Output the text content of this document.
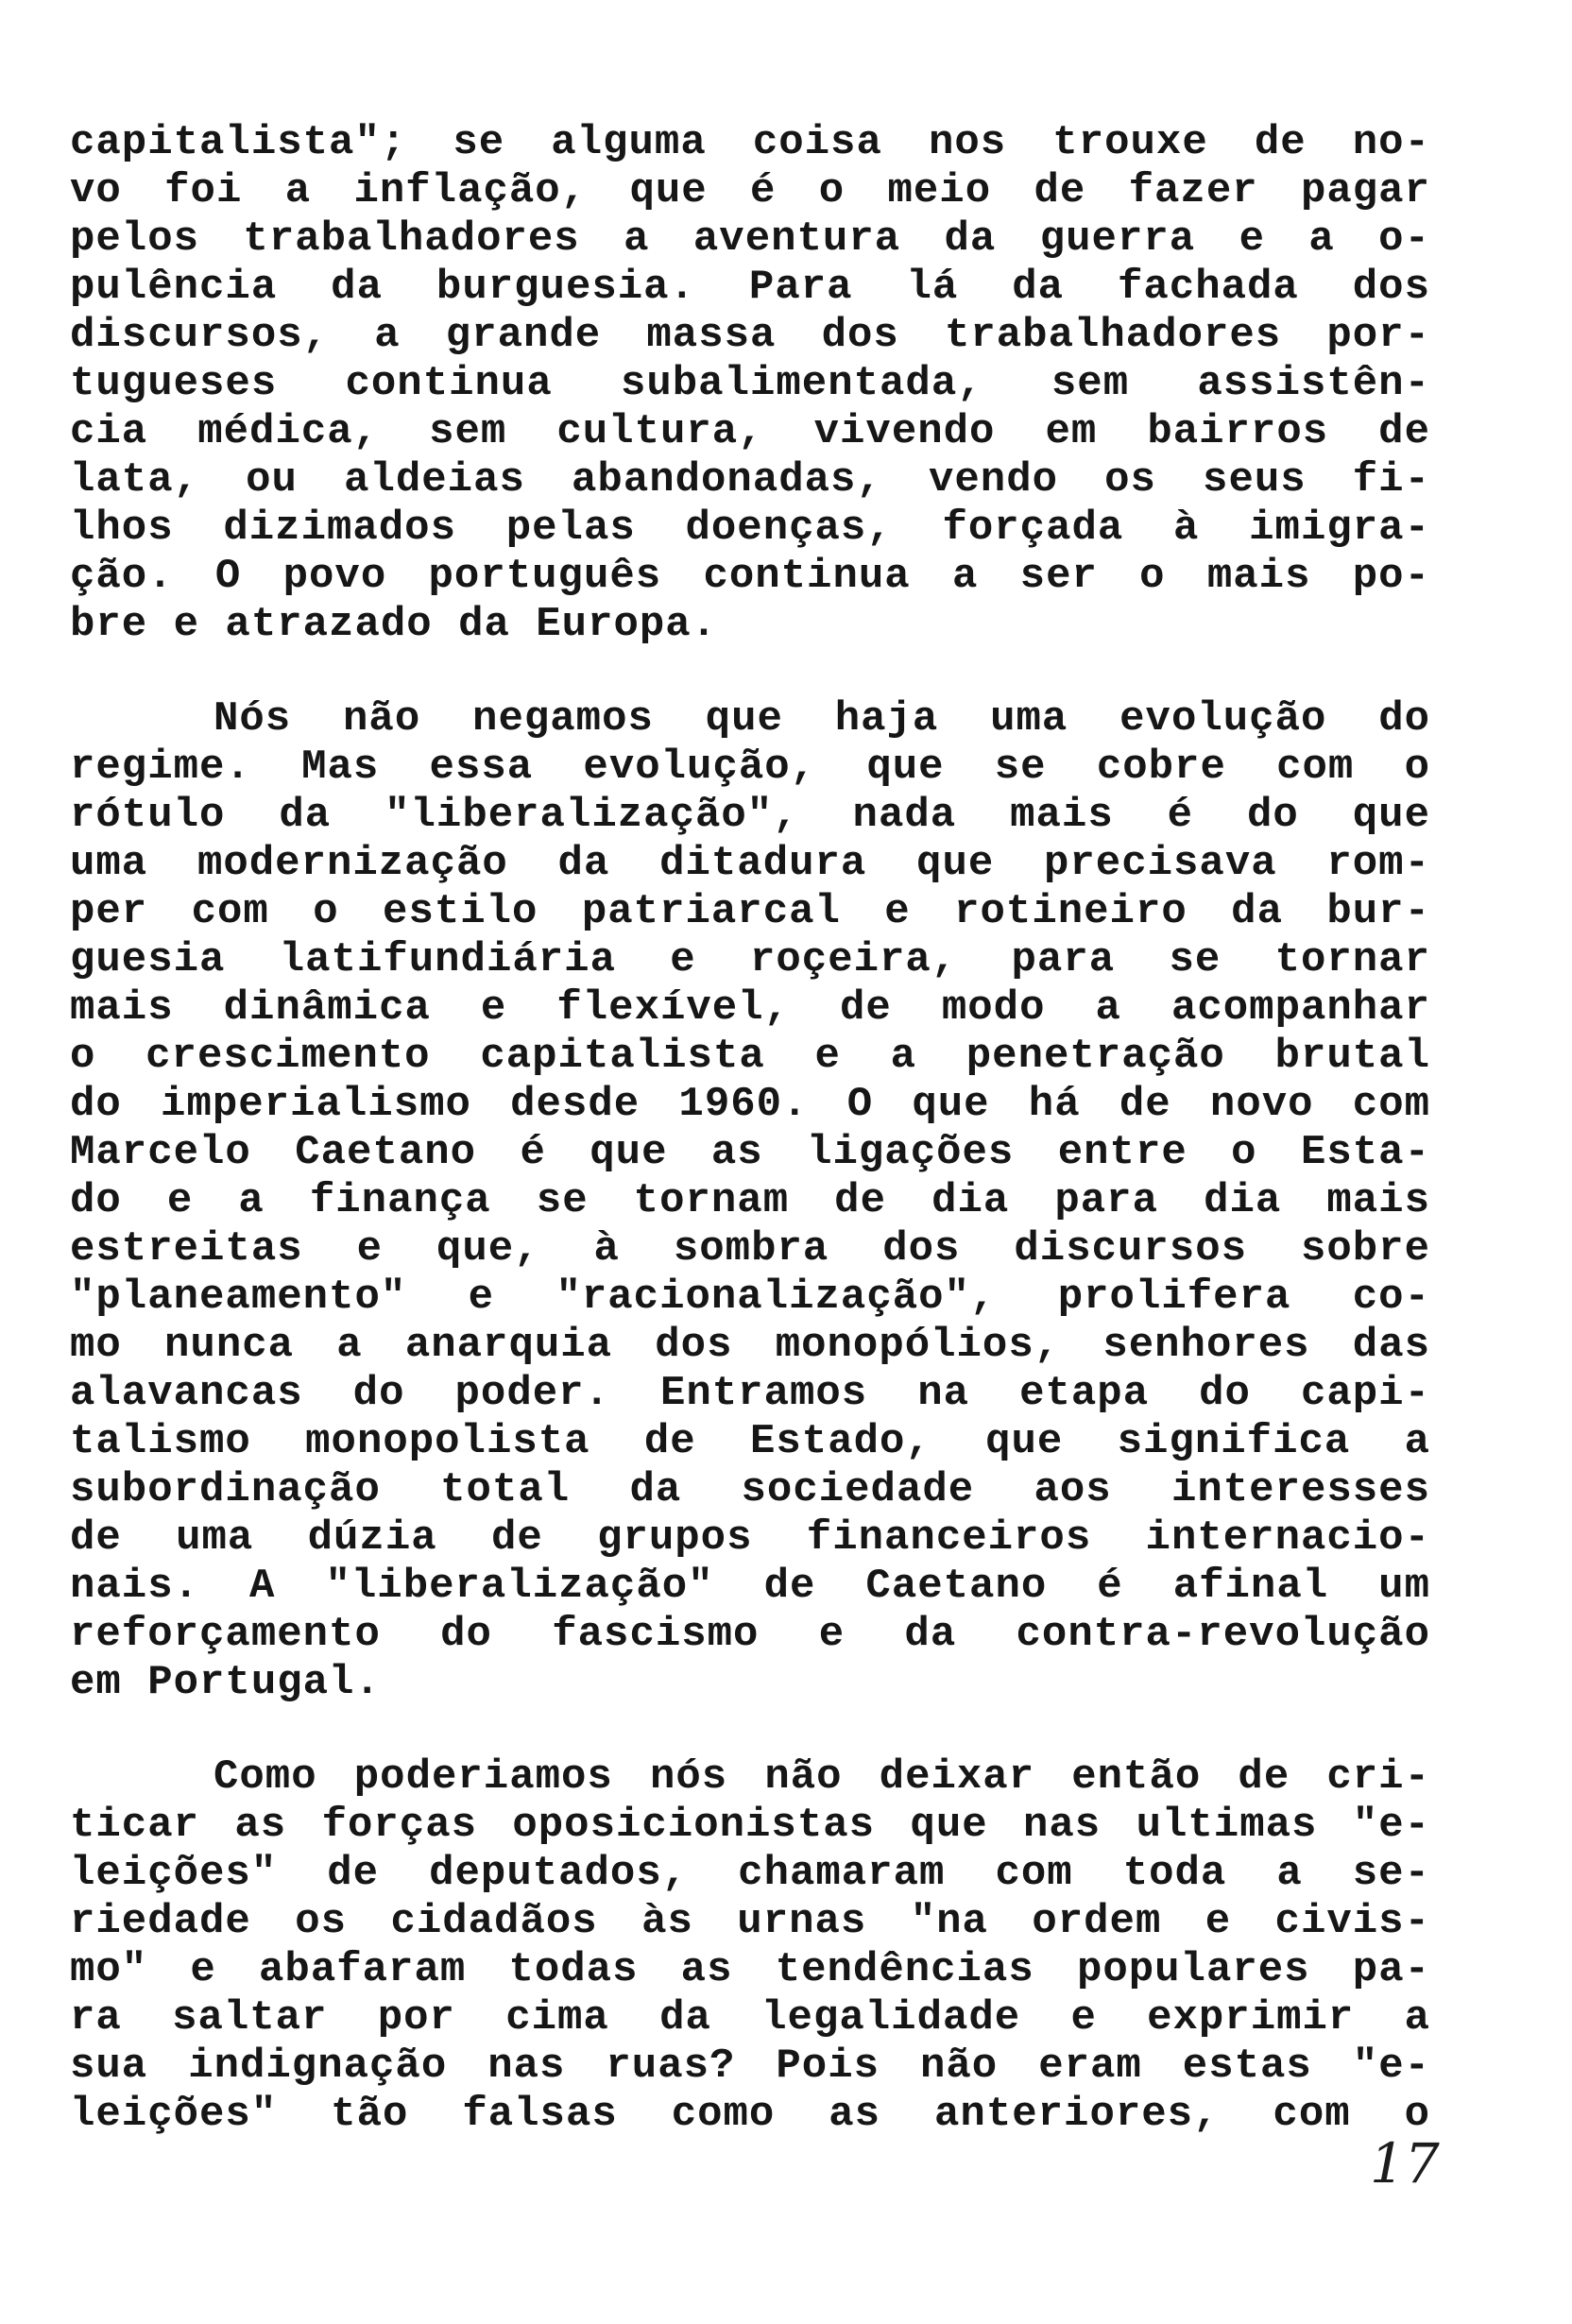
capitalista"; se alguma coisa nos trouxe de no-
vo foi a inflação, que é o meio de fazer pagar
pelos trabalhadores a aventura da guerra e a o-
pulência da burguesia. Para lá da fachada dos
discursos, a grande massa dos trabalhadores por-
tugueses continua subalimentada, sem assistên-
cia médica, sem cultura, vivendo em bairros de
lata, ou aldeias abandonadas, vendo os seus fi-
lhos dizimados pelas doenças, forçada à imigra-
ção. O povo português continua a ser o mais po-
bre e atrazado da Europa.
Nós não negamos que haja uma evolução do
regime. Mas essa evolução, que se cobre com o
rótulo da "liberalização", nada mais é do que
uma modernização da ditadura que precisava rom-
per com o estilo patriarcal e rotineiro da bur-
guesia latifundiária e roçeira, para se tornar
mais dinâmica e flexível, de modo a acompanhar
o crescimento capitalista e a penetração brutal
do imperialismo desde 1960. O que há de novo com
Marcelo Caetano é que as ligações entre o Esta-
do e a finança se tornam de dia para dia mais
estreitas e que, à sombra dos discursos sobre
"planeamento" e "racionalização", prolifera co-
mo nunca a anarquia dos monopólios, senhores das
alavancas do poder. Entramos na etapa do capi-
talismo monopolista de Estado, que significa a
subordinação total da sociedade aos interesses
de uma dúzia de grupos financeiros internacio-
nais. A "liberalização" de Caetano é afinal um
reforçamento do fascismo e da contra-revolução
em Portugal.
Como poderiamos nós não deixar então de cri-
ticar as forças oposicionistas que nas ultimas "e-
leições" de deputados, chamaram com toda a se-
riedade os cidadãos às urnas "na ordem e civis-
mo" e abafaram todas as tendências populares pa-
ra saltar por cima da legalidade e exprimir a
sua indignação nas ruas? Pois não eram estas "e-
leições" tão falsas como as anteriores, com o
17
